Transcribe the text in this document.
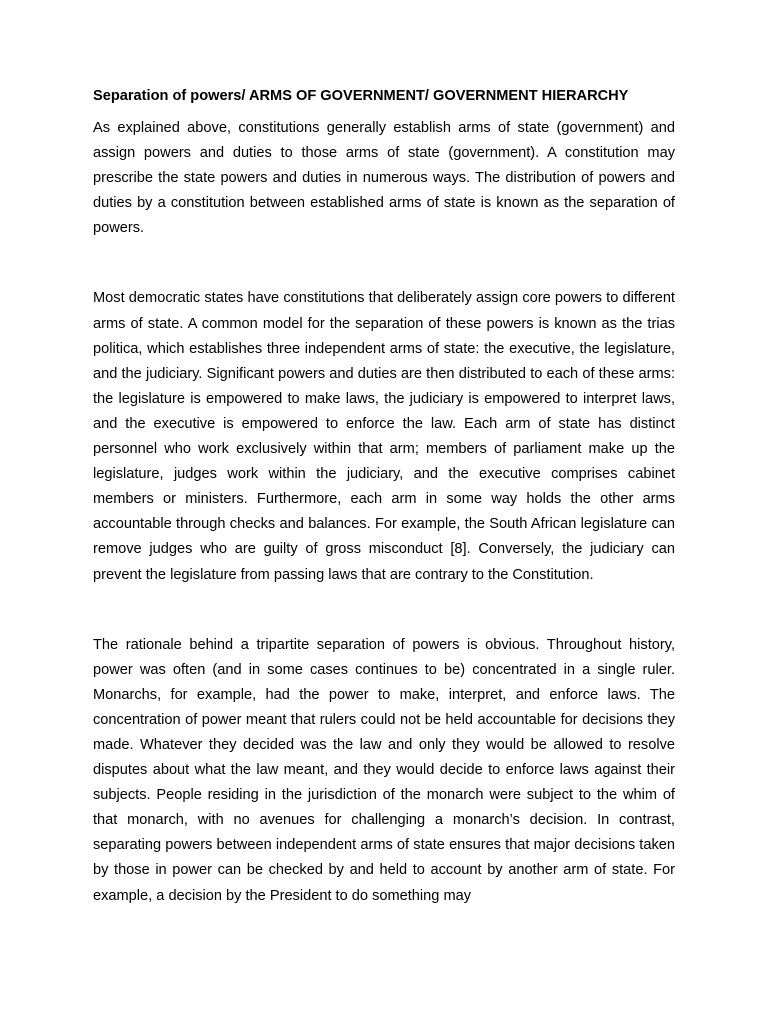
Separation of powers/ ARMS OF GOVERNMENT/ GOVERNMENT HIERARCHY

As explained above, constitutions generally establish arms of state (government) and assign powers and duties to those arms of state (government). A constitution may prescribe the state powers and duties in numerous ways. The distribution of powers and duties by a constitution between established arms of state is known as the separation of powers.

Most democratic states have constitutions that deliberately assign core powers to different arms of state. A common model for the separation of these powers is known as the trias politica, which establishes three independent arms of state: the executive, the legislature, and the judiciary. Significant powers and duties are then distributed to each of these arms: the legislature is empowered to make laws, the judiciary is empowered to interpret laws, and the executive is empowered to enforce the law. Each arm of state has distinct personnel who work exclusively within that arm; members of parliament make up the legislature, judges work within the judiciary, and the executive comprises cabinet members or ministers. Furthermore, each arm in some way holds the other arms accountable through checks and balances. For example, the South African legislature can remove judges who are guilty of gross misconduct [8]. Conversely, the judiciary can prevent the legislature from passing laws that are contrary to the Constitution.

The rationale behind a tripartite separation of powers is obvious. Throughout history, power was often (and in some cases continues to be) concentrated in a single ruler. Monarchs, for example, had the power to make, interpret, and enforce laws. The concentration of power meant that rulers could not be held accountable for decisions they made. Whatever they decided was the law and only they would be allowed to resolve disputes about what the law meant, and they would decide to enforce laws against their subjects. People residing in the jurisdiction of the monarch were subject to the whim of that monarch, with no avenues for challenging a monarch’s decision. In contrast, separating powers between independent arms of state ensures that major decisions taken by those in power can be checked by and held to account by another arm of state. For example, a decision by the President to do something may
